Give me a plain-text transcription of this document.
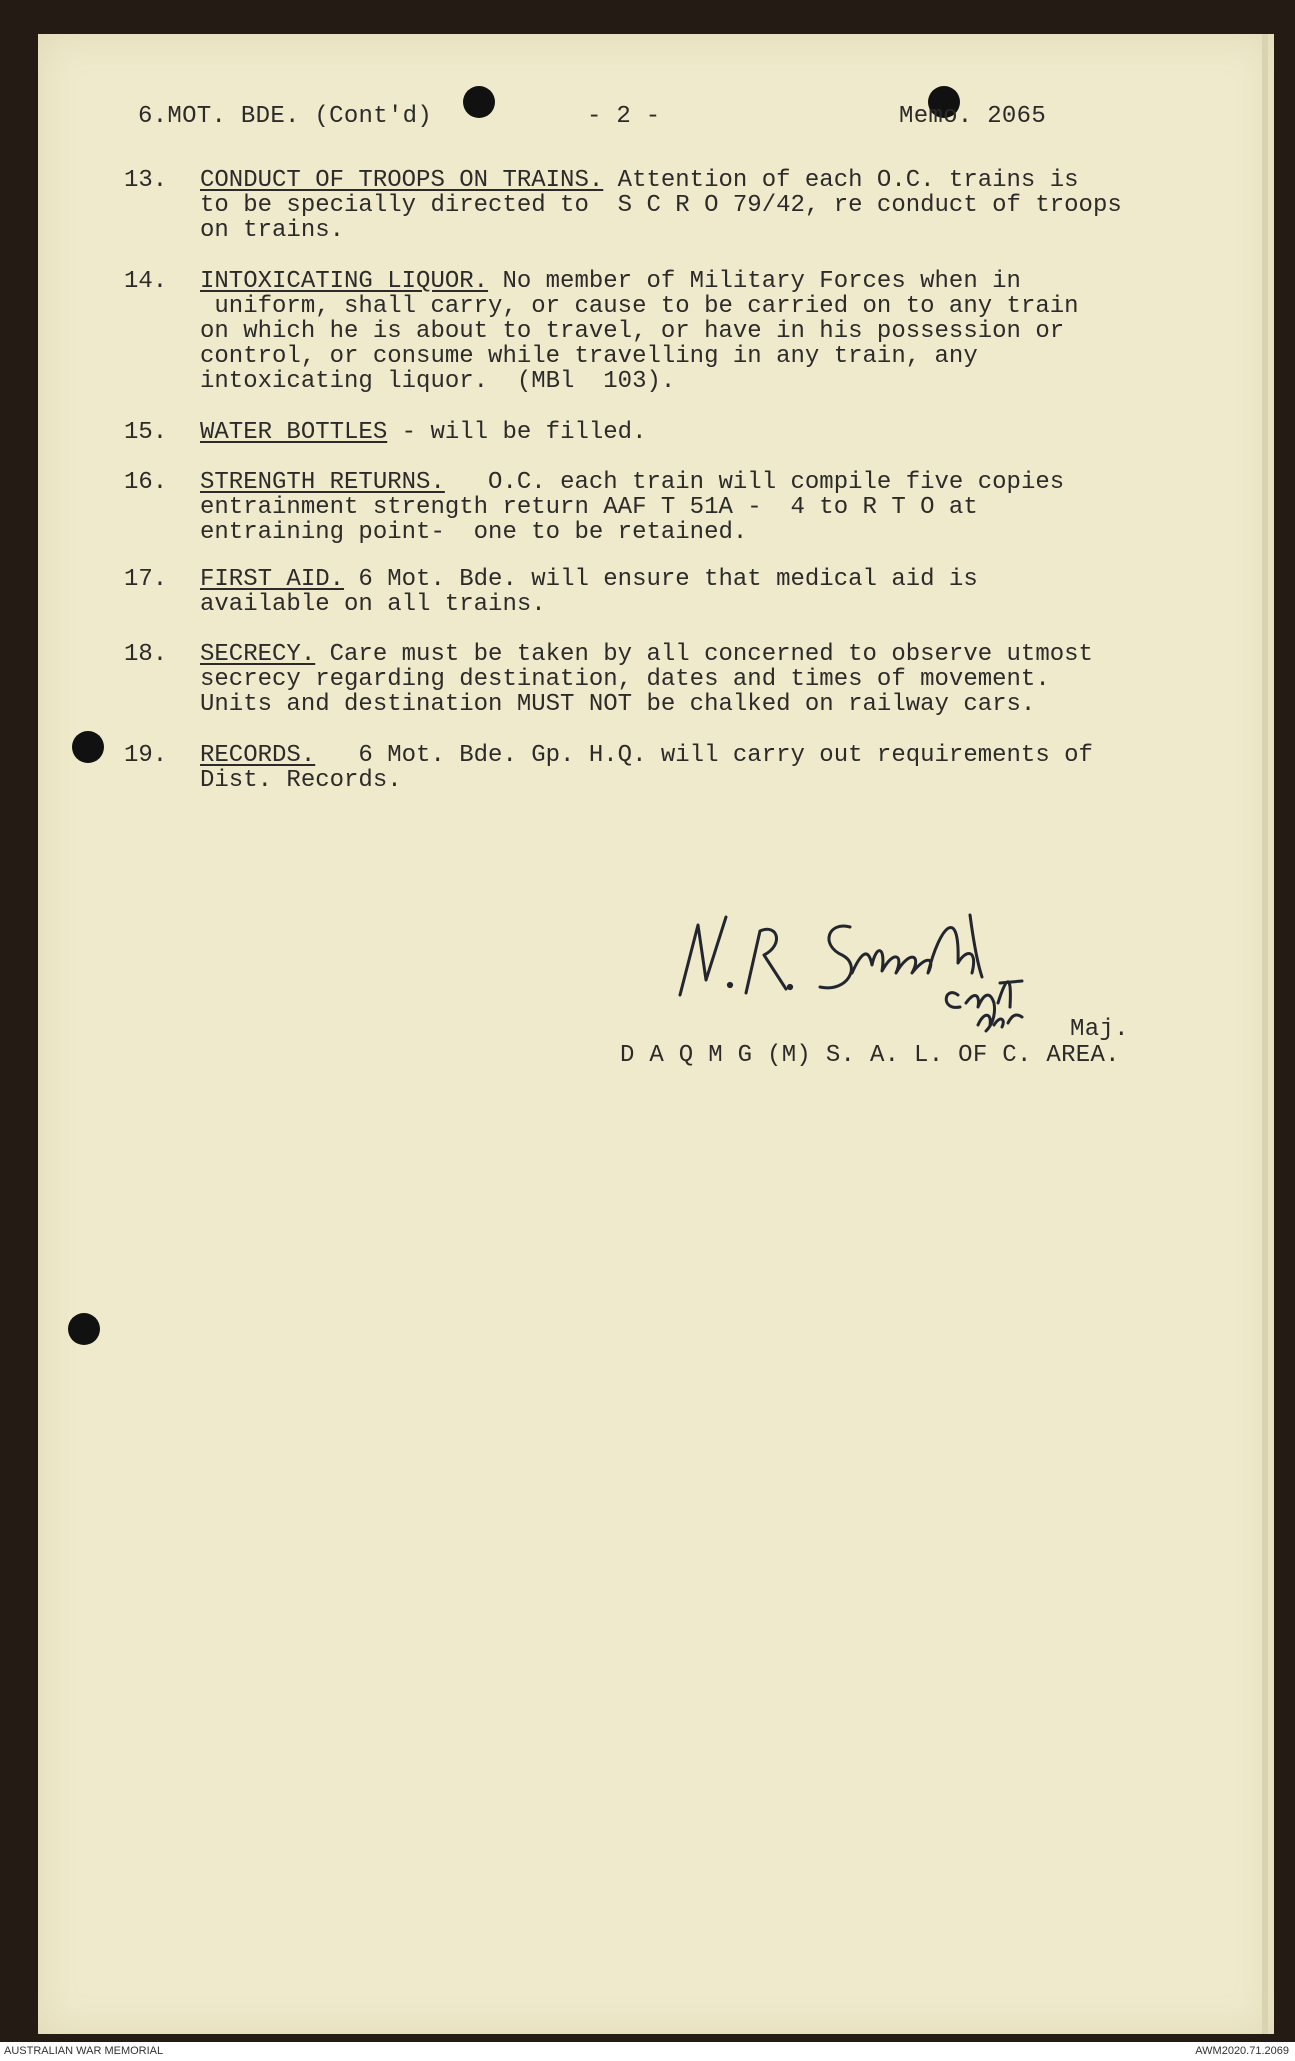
6.MOT. BDE. (Cont'd)	- 2 -	Memo. 2065
13. CONDUCT OF TROOPS ON TRAINS. Attention of each O.C. trains is
to be specially directed to  S C R O 79/42, re conduct of troops
on trains.
14. INTOXICATING LIQUOR. No member of Military Forces when in
uniform, shall carry, or cause to be carried on to any train
on which he is about to travel, or have in his possession or
control, or consume while travelling in any train, any
intoxicating liquor.  (MBl  103).
15. WATER BOTTLES - will be filled.
16. STRENGTH RETURNS.   O.C. each train will compile five copies
entrainment strength return AAF T 51A -  4 to R T O at
entraining point-  one to be retained.
17. FIRST AID. 6 Mot. Bde. will ensure that medical aid is
available on all trains.
18. SECRECY. Care must be taken by all concerned to observe utmost
secrecy regarding destination, dates and times of movement.
Units and destination MUST NOT be chalked on railway cars.
19. RECORDS.   6 Mot. Bde. Gp. H.Q. will carry out requirements of
Dist. Records.
Maj.
D A Q M G (M) S. A. L. OF C. AREA.
AUSTRALIAN WAR MEMORIAL	AWM2020.71.2069
